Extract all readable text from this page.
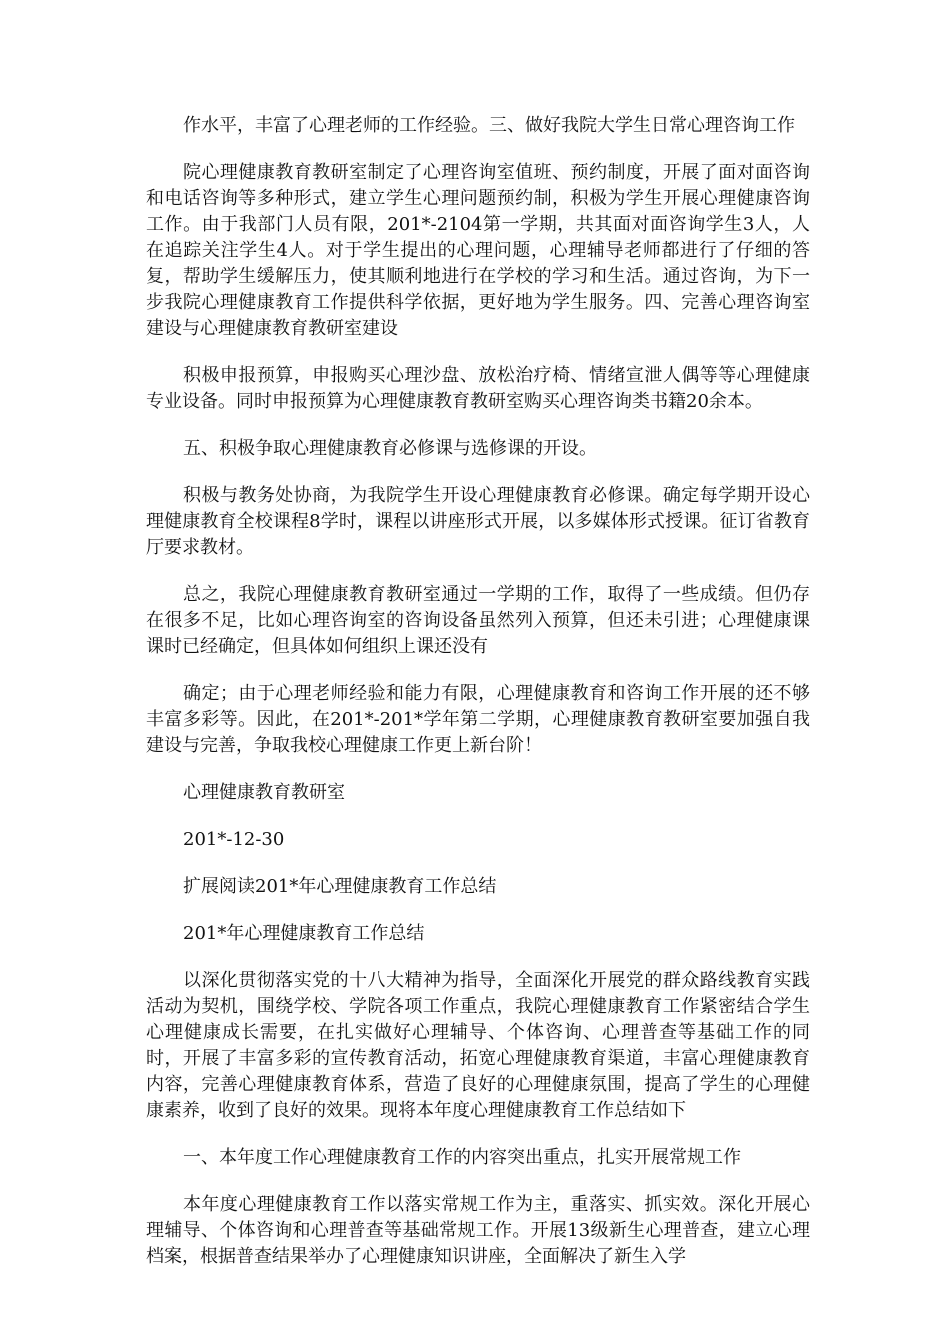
作水平，丰富了心理老师的工作经验。三、做好我院大学生日常心理咨询工作

院心理健康教育教研室制定了心理咨询室值班、预约制度，开展了面对面咨询和电话咨询等多种形式，建立学生心理问题预约制，积极为学生开展心理健康咨询工作。由于我部门人员有限，201*-2104第一学期，共其面对面咨询学生3人，人在追踪关注学生4人。对于学生提出的心理问题，心理辅导老师都进行了仔细的答复，帮助学生缓解压力，使其顺利地进行在学校的学习和生活。通过咨询，为下一步我院心理健康教育工作提供科学依据，更好地为学生服务。四、完善心理咨询室建设与心理健康教育教研室建设

积极申报预算，申报购买心理沙盘、放松治疗椅、情绪宣泄人偶等等心理健康专业设备。同时申报预算为心理健康教育教研室购买心理咨询类书籍20余本。

五、积极争取心理健康教育必修课与选修课的开设。

积极与教务处协商，为我院学生开设心理健康教育必修课。确定每学期开设心理健康教育全校课程8学时，课程以讲座形式开展，以多媒体形式授课。征订省教育厅要求教材。

总之，我院心理健康教育教研室通过一学期的工作，取得了一些成绩。但仍存在很多不足，比如心理咨询室的咨询设备虽然列入预算，但还未引进；心理健康课课时已经确定，但具体如何组织上课还没有

确定；由于心理老师经验和能力有限，心理健康教育和咨询工作开展的还不够丰富多彩等。因此，在201*-201*学年第二学期，心理健康教育教研室要加强自我建设与完善，争取我校心理健康工作更上新台阶！

心理健康教育教研室

201*-12-30

扩展阅读201*年心理健康教育工作总结

201*年心理健康教育工作总结

以深化贯彻落实党的十八大精神为指导，全面深化开展党的群众路线教育实践活动为契机，围绕学校、学院各项工作重点，我院心理健康教育工作紧密结合学生心理健康成长需要，在扎实做好心理辅导、个体咨询、心理普查等基础工作的同时，开展了丰富多彩的宣传教育活动，拓宽心理健康教育渠道，丰富心理健康教育内容，完善心理健康教育体系，营造了良好的心理健康氛围，提高了学生的心理健康素养，收到了良好的效果。现将本年度心理健康教育工作总结如下

一、本年度工作心理健康教育工作的内容突出重点，扎实开展常规工作

本年度心理健康教育工作以落实常规工作为主，重落实、抓实效。深化开展心理辅导、个体咨询和心理普查等基础常规工作。开展13级新生心理普查，建立心理档案，根据普查结果举办了心理健康知识讲座，全面解决了新生入学
